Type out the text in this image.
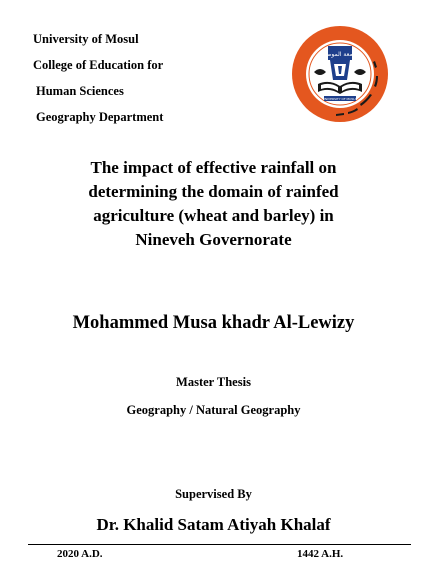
University of Mosul
College of Education for
Human Sciences
Geography Department
جامعة الموصل
UNIVERSITY OF MOSUL
The impact of effective rainfall on
determining the domain of rainfed
agriculture (wheat and barley) in
Nineveh Governorate
Mohammed Musa khadr Al-Lewizy
Master Thesis
Geography / Natural Geography
Supervised By
Dr. Khalid Satam Atiyah Khalaf
2020 A.D.	1442 A.H.
